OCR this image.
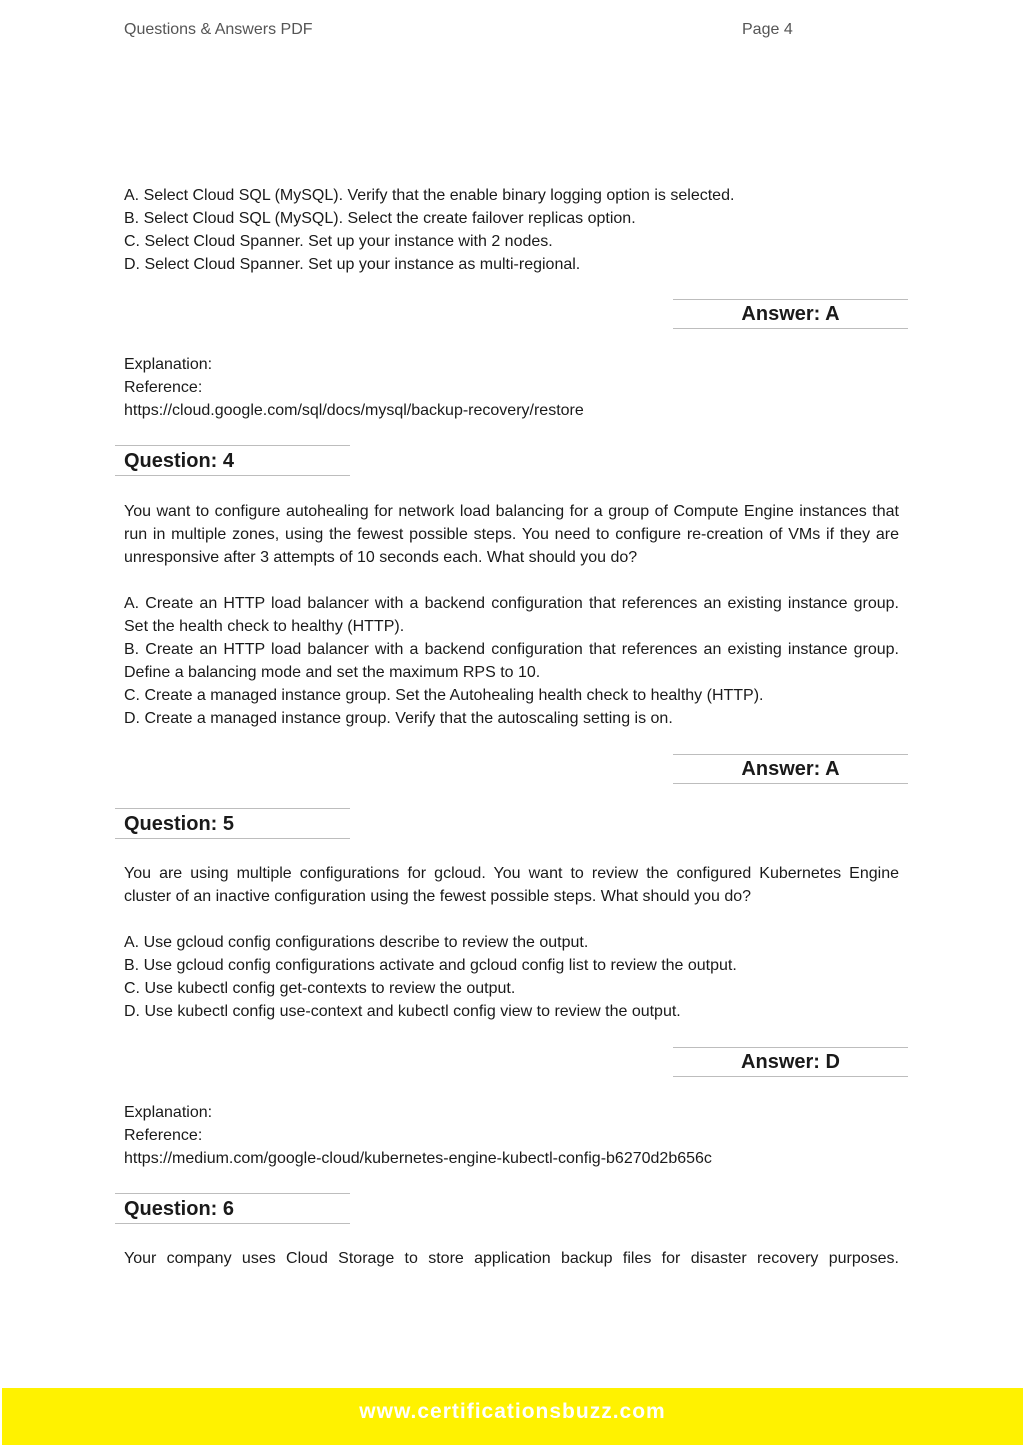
Questions & Answers PDF	Page 4
A. Select Cloud SQL (MySQL). Verify that the enable binary logging option is selected.
B. Select Cloud SQL (MySQL). Select the create failover replicas option.
C. Select Cloud Spanner. Set up your instance with 2 nodes.
D. Select Cloud Spanner. Set up your instance as multi-regional.
Answer: A
Explanation:
Reference:
https://cloud.google.com/sql/docs/mysql/backup-recovery/restore
Question: 4
You want to configure autohealing for network load balancing for a group of Compute Engine instances that run in multiple zones, using the fewest possible steps. You need to configure re-creation of VMs if they are unresponsive after 3 attempts of 10 seconds each. What should you do?
A. Create an HTTP load balancer with a backend configuration that references an existing instance group. Set the health check to healthy (HTTP).
B. Create an HTTP load balancer with a backend configuration that references an existing instance group. Define a balancing mode and set the maximum RPS to 10.
C. Create a managed instance group. Set the Autohealing health check to healthy (HTTP).
D. Create a managed instance group. Verify that the autoscaling setting is on.
Answer: A
Question: 5
You are using multiple configurations for gcloud. You want to review the configured Kubernetes Engine cluster of an inactive configuration using the fewest possible steps. What should you do?
A. Use gcloud config configurations describe to review the output.
B. Use gcloud config configurations activate and gcloud config list to review the output.
C. Use kubectl config get-contexts to review the output.
D. Use kubectl config use-context and kubectl config view to review the output.
Answer: D
Explanation:
Reference:
https://medium.com/google-cloud/kubernetes-engine-kubectl-config-b6270d2b656c
Question: 6
Your company uses Cloud Storage to store application backup files for disaster recovery purposes.
www.certificationsbuzz.com
